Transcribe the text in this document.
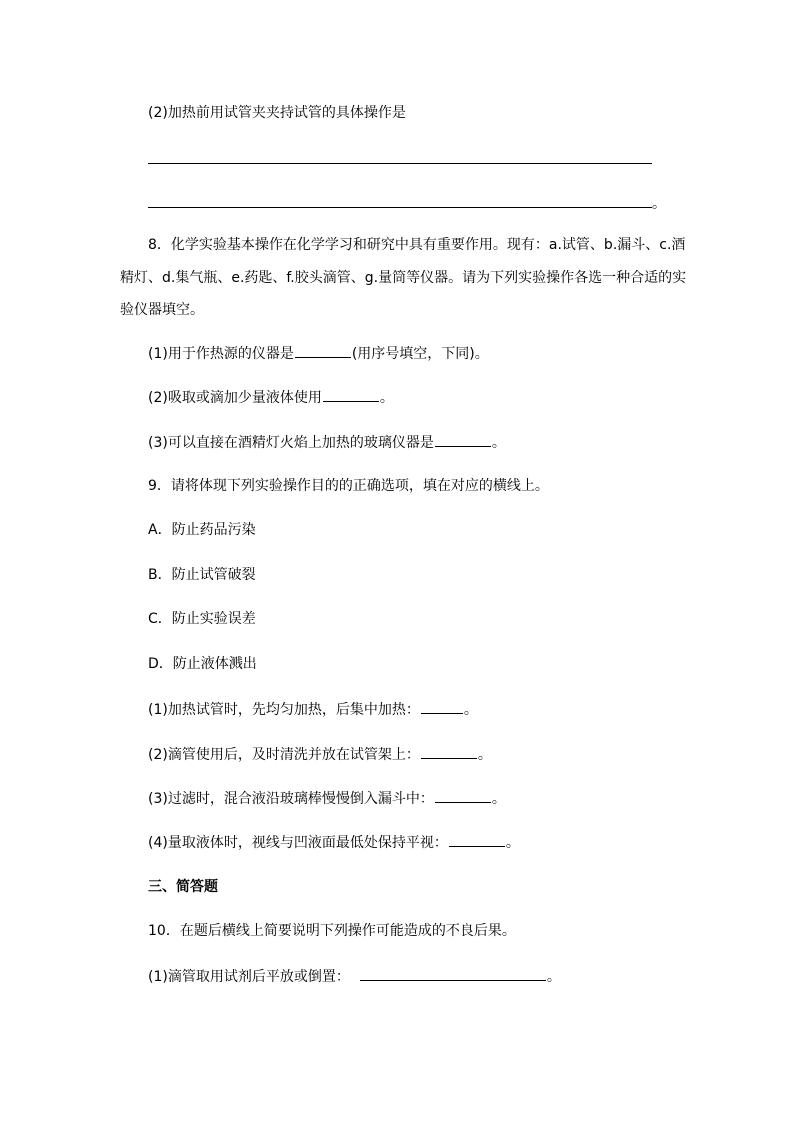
(2)加热前用试管夹夹持试管的具体操作是
。
8．化学实验基本操作在化学学习和研究中具有重要作用。现有：a.试管、b.漏斗、c.酒
精灯、d.集气瓶、e.药匙、f.胶头滴管、g.量筒等仪器。请为下列实验操作各选一种合适的实
验仪器填空。
(1)用于作热源的仪器是	(用序号填空，下同)。
(2)吸取或滴加少量液体使用	。
(3)可以直接在酒精灯火焰上加热的玻璃仪器是	。
9．请将体现下列实验操作目的的正确选项，填在对应的横线上。
A．防止药品污染
B．防止试管破裂
C．防止实验误差
D．防止液体溅出
(1)加热试管时，先均匀加热，后集中加热：	。
(2)滴管使用后，及时清洗并放在试管架上：	。
(3)过滤时，混合液沿玻璃棒慢慢倒入漏斗中：	。
(4)量取液体时，视线与凹液面最低处保持平视：	。
三、简答题
10．在题后横线上简要说明下列操作可能造成的不良后果。
(1)滴管取用试剂后平放或倒置：	。
